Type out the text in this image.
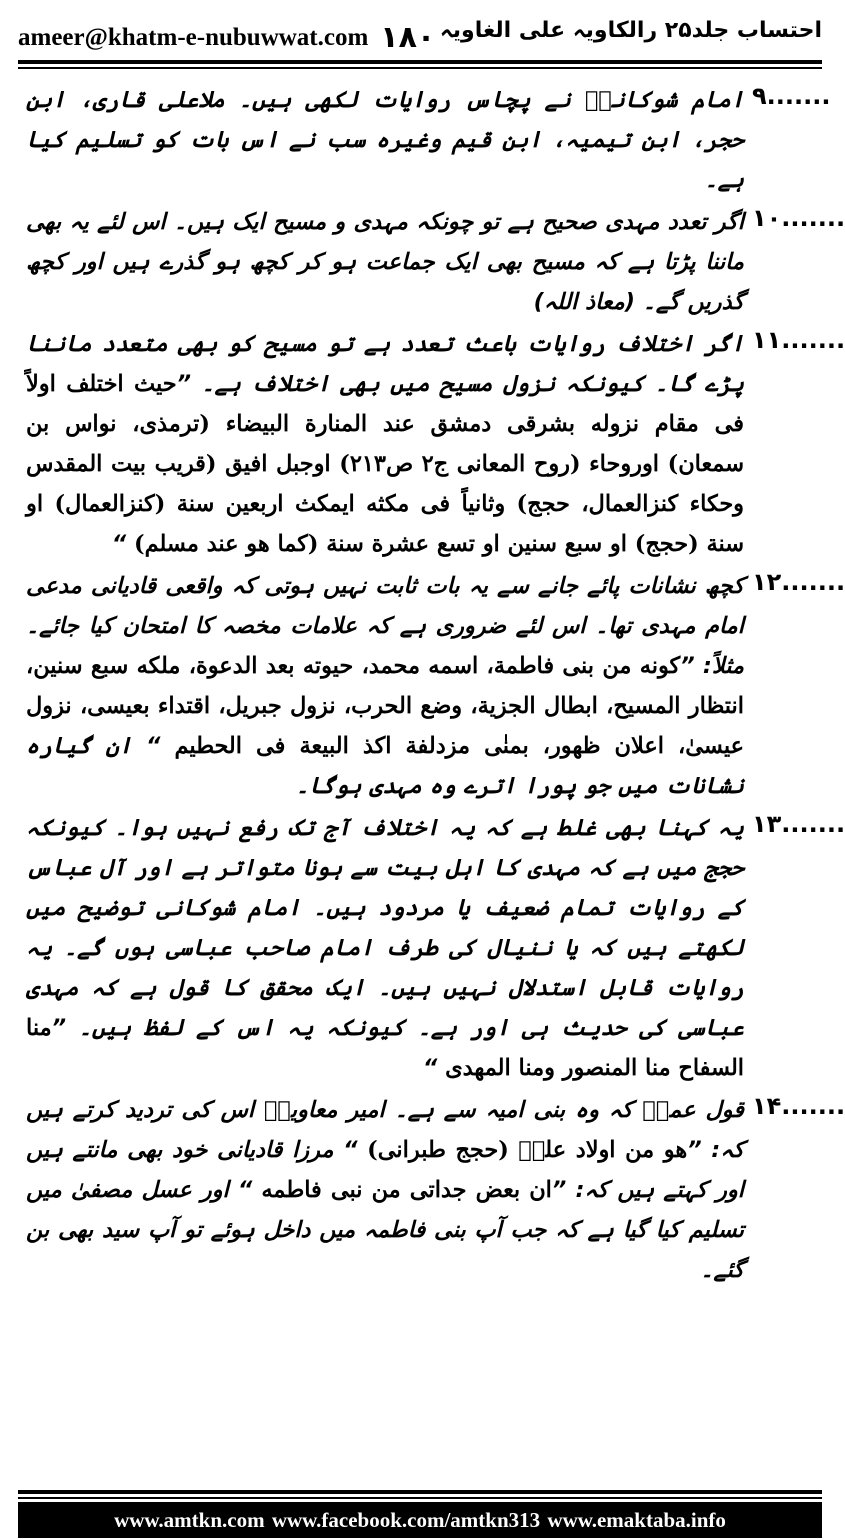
ameer@khatm-e-nubuwwat.com ۱۸۰ احتساب جلد۲۵ رالکاویہ علی الغاویہ
۹.......
امام شوکانیؒ نے پچاس روایات لکھی ہیں۔ ملاعلی قاری، ابن حجر، ابن تیمیہ، ابن قیم وغیرہ سب نے اس بات کو تسلیم کیا ہے۔
۱۰.......
اگر تعدد مہدی صحیح ہے تو چونکہ مہدی و مسیح ایک ہیں۔ اس لئے یہ بھی ماننا پڑتا ہے کہ مسیح بھی ایک جماعت ہو کر کچھ ہو گذرے ہیں اور کچھ گذریں گے۔ (معاذ اللہ)
۱۱.......
اگر اختلاف روایات باعث تعدد ہے تو مسیح کو بھی متعدد ماننا پڑے گا۔ کیونکہ نزول مسیح میں بھی اختلاف ہے۔ ”حیث اختلف اولاً فی مقام نزوله بشرقی دمشق عند المنارة البیضاء (ترمذی، نواس بن سمعان) اوروحاء (روح المعانی ج۲ ص۲۱۳) اوجبل افیق (قریب بیت المقدس وحکاء کنزالعمال، حجج) وثانیاً فی مکثه ایمکث اربعین سنة (کنزالعمال) او سنة (حجج) او سبع سنین او تسع عشرة سنة (کما هو عند مسلم) “
۱۲.......
کچھ نشانات پائے جانے سے یہ بات ثابت نہیں ہوتی کہ واقعی قادیانی مدعی امام مہدی تھا۔ اس لئے ضروری ہے کہ علامات مخصہ کا امتحان کیا جائے۔ مثلاً: ”کونه من بنی فاطمة، اسمه محمد، حیوته بعد الدعوة، ملکه سبع سنین، انتظار المسیح، ابطال الجزیة، وضع الحرب، نزول جبریل، اقتداء بعیسی، نزول عیسیٰ، اعلان ظهور، بمنٰی مزدلفة اکذ البیعة فی الحطیم “ ان گیارہ نشانات میں جو پورا اترے وہ مہدی ہوگا۔
۱۳.......
یہ کہنا بھی غلط ہے کہ یہ اختلاف آج تک رفع نہیں ہوا۔ کیونکہ حجج میں ہے کہ مہدی کا اہل بیت سے ہونا متواتر ہے اور آل عباس کے روایات تمام ضعیف یا مردود ہیں۔ امام شوکانی توضیح میں لکھتے ہیں کہ یا ننیال کی طرف امام صاحب عباسی ہوں گے۔ یہ روایات قابل استدلال نہیں ہیں۔ ایک محقق کا قول ہے کہ مہدی عباسی کی حدیث ہی اور ہے۔ کیونکہ یہ اس کے لفظ ہیں۔ ”منا السفاح منا المنصور ومنا المهدی “
۱۴.......
قول عمرؓ کہ وہ بنی امیہ سے ہے۔ امیر معاویہؓ اس کی تردید کرتے ہیں کہ: ”هو من اولاد علیؓ (حجج طبرانی) “ مرزا قادیانی خود بھی مانتے ہیں اور کہتے ہیں کہ: ”ان بعض جداتی من نبی فاطمه “ اور عسل مصفیٰ میں تسلیم کیا گیا ہے کہ جب آپ بنی فاطمہ میں داخل ہوئے تو آپ سید بھی بن گئے۔
www.amtkn.com www.facebook.com/amtkn313 www.emaktaba.info
